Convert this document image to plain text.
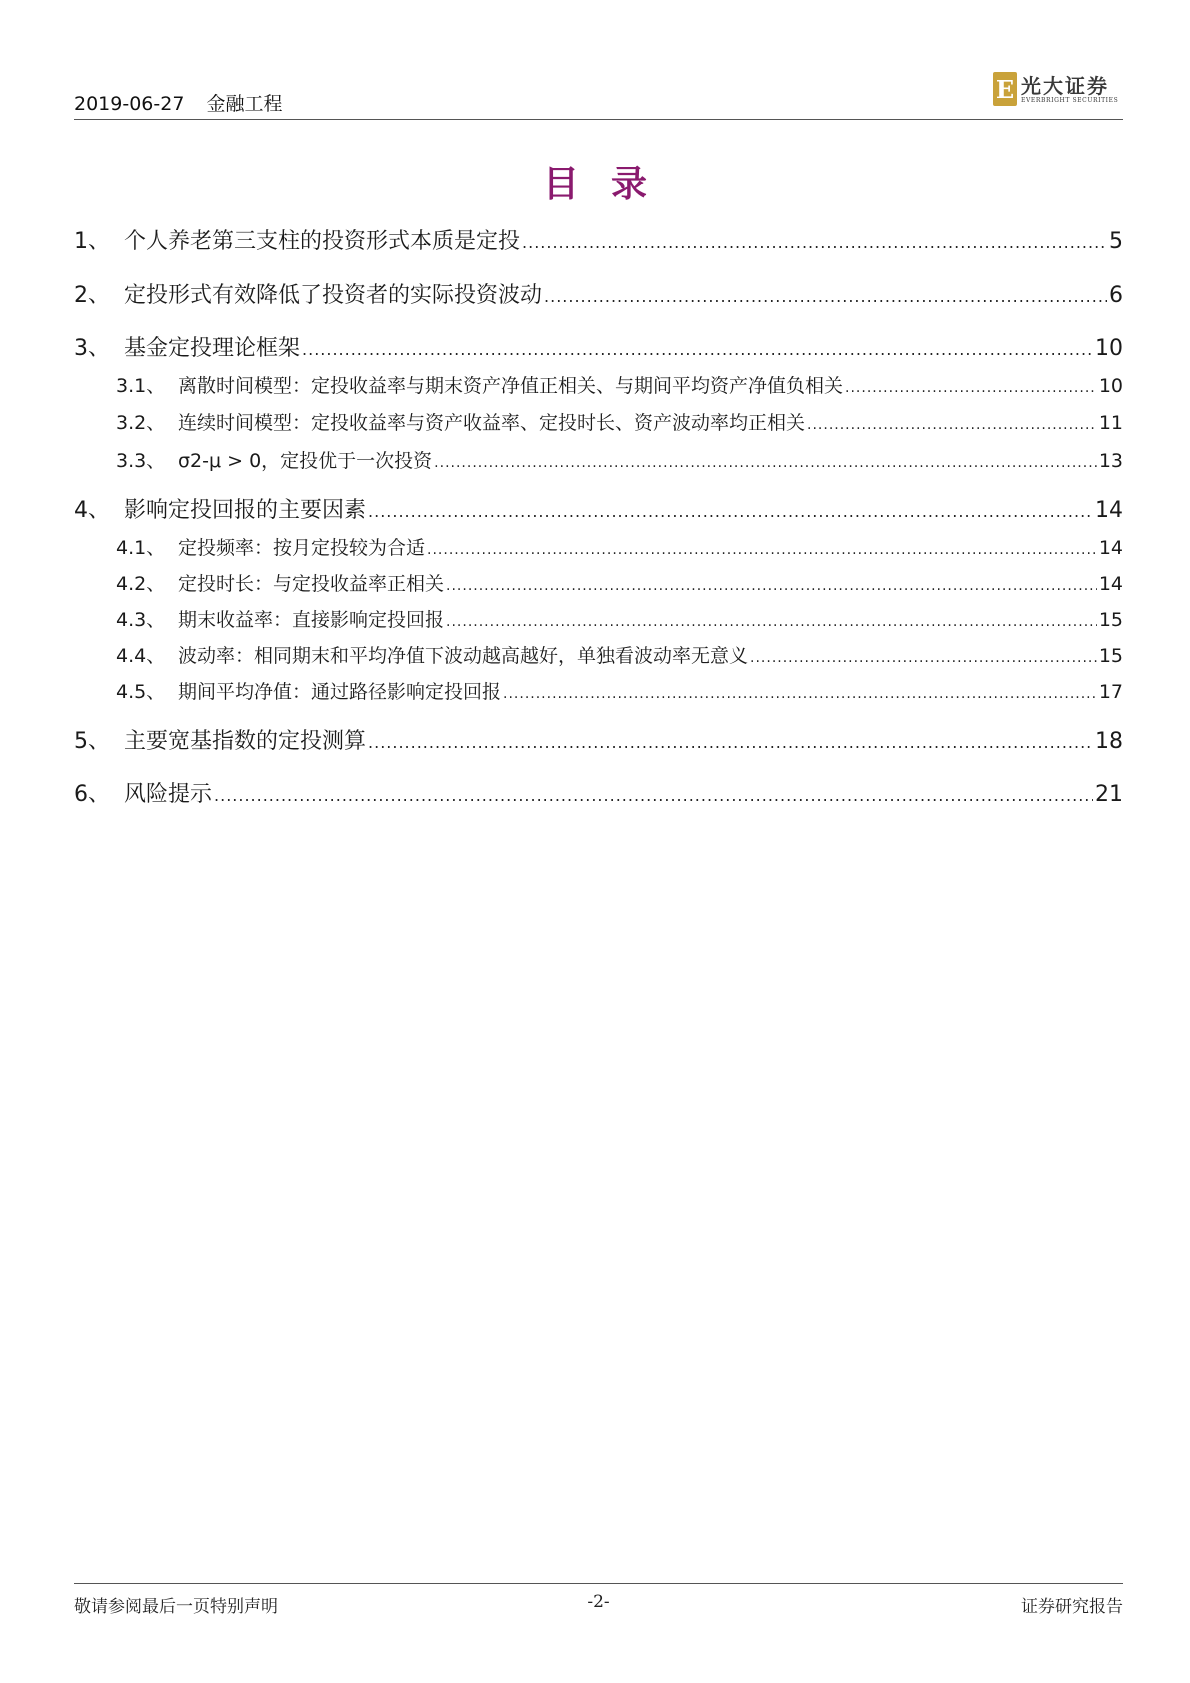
2019-06-27 金融工程	E 光大证券
EVERBRIGHT SECURITIES
目录
1、 个人养老第三支柱的投资形式本质是定投 .....	5
2、 定投形式有效降低了投资者的实际投资波动 .....	6
3、 基金定投理论框架 .....	10
3.1、 离散时间模型：定投收益率与期末资产净值正相关、与期间平均资产净值负相关 .....	10
3.2、 连续时间模型：定投收益率与资产收益率、定投时长、资产波动率均正相关 .....	11
3.3、 σ2-μ > 0，定投优于一次投资 .....	13
4、 影响定投回报的主要因素 .....	14
4.1、 定投频率：按月定投较为合适 .....	14
4.2、 定投时长：与定投收益率正相关 .....	14
4.3、 期末收益率：直接影响定投回报 .....	15
4.4、 波动率：相同期末和平均净值下波动越高越好，单独看波动率无意义 .....	15
4.5、 期间平均净值：通过路径影响定投回报 .....	17
5、 主要宽基指数的定投测算 .....	18
6、 风险提示 .....	21
敬请参阅最后一页特别声明	-2-	证券研究报告
